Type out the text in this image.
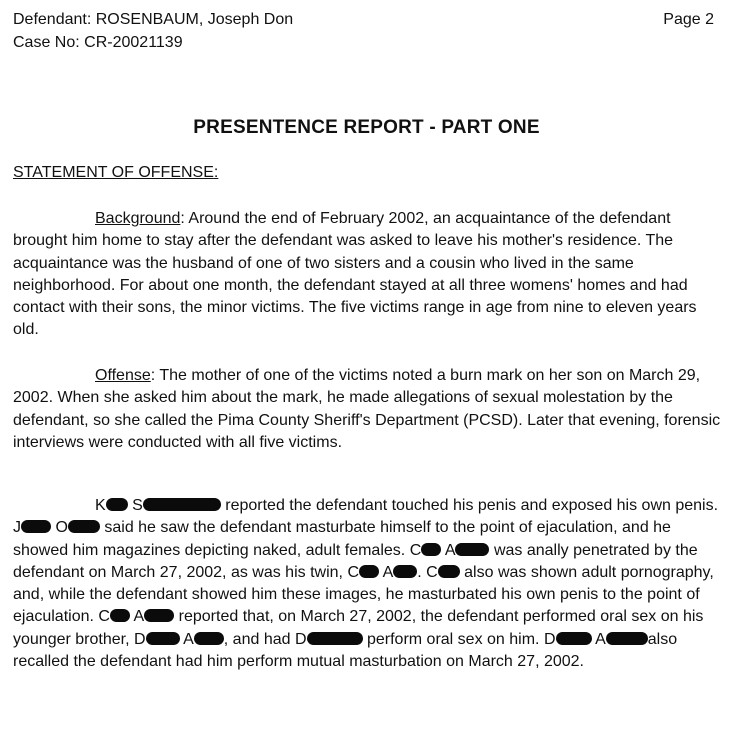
Defendant: ROSENBAUM, Joseph Don
Case No: CR-20021139
Page 2
PRESENTENCE REPORT - PART ONE
STATEMENT OF OFFENSE:

Background: Around the end of February 2002, an acquaintance of the defendant brought him home to stay after the defendant was asked to leave his mother's residence. The acquaintance was the husband of one of two sisters and a cousin who lived in the same neighborhood. For about one month, the defendant stayed at all three womens' homes and had contact with their sons, the minor victims. The five victims range in age from nine to eleven years old.

Offense: The mother of one of the victims noted a burn mark on her son on March 29, 2002. When she asked him about the mark, he made allegations of sexual molestation by the defendant, so she called the Pima County Sheriff's Department (PCSD). Later that evening, forensic interviews were conducted with all five victims.

K S	reported the defendant touched his penis and exposed his own penis. J O said he saw the defendant masturbate himself to the point of ejaculation, and he showed him magazines depicting naked, adult females. C A was anally penetrated by the defendant on March 27, 2002, as was his twin, C A . C also was shown adult pornography, and, while the defendant showed him these images, he masturbated his own penis to the point of ejaculation. C A reported that, on March 27, 2002, the defendant performed oral sex on his younger brother, D A , and had D	perform oral sex on him. D A	also recalled the defendant had him perform mutual masturbation on March 27, 2002.
